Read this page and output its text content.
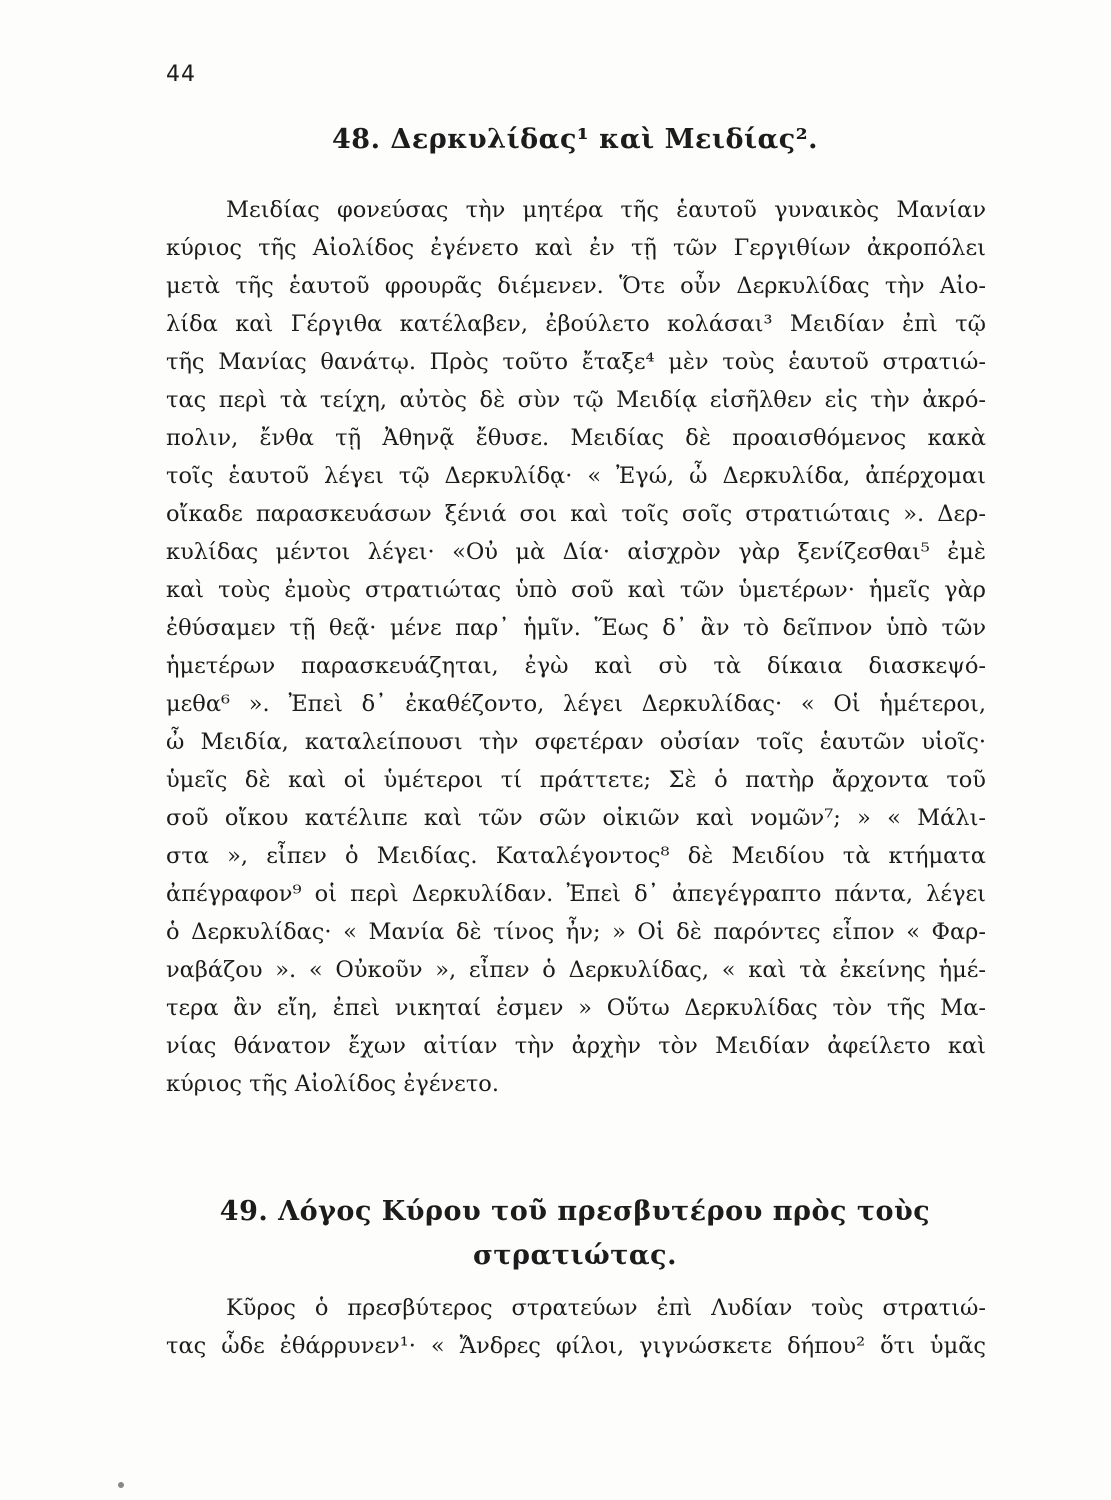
44
48. Δερκυλίδας¹ καὶ Μειδίας².
Μειδίας φονεύσας τὴν μητέρα τῆς ἑαυτοῦ γυναικὸς Μανίαν
κύριος τῆς Αἰολίδος ἐγένετο καὶ ἐν τῇ τῶν Γεργιθίων ἀκροπόλει
μετὰ τῆς ἑαυτοῦ φρουρᾶς διέμενεν. Ὅτε οὖν Δερκυλίδας τὴν Αἰο-
λίδα καὶ Γέργιθα κατέλαβεν, ἐβούλετο κολάσαι³ Μειδίαν ἐπὶ τῷ
τῆς Μανίας θανάτῳ. Πρὸς τοῦτο ἔταξε⁴ μὲν τοὺς ἑαυτοῦ στρατιώ-
τας περὶ τὰ τείχη, αὐτὸς δὲ σὺν τῷ Μειδίᾳ εἰσῆλθεν εἰς τὴν ἀκρό-
πολιν, ἔνθα τῇ Ἀθηνᾷ ἔθυσε. Μειδίας δὲ προαισθόμενος κακὰ
τοῖς ἑαυτοῦ λέγει τῷ Δερκυλίδᾳ· « Ἐγώ, ὦ Δερκυλίδα, ἀπέρχομαι
οἴκαδε παρασκευάσων ξένιά σοι καὶ τοῖς σοῖς στρατιώταις ». Δερ-
κυλίδας μέντοι λέγει· «Οὐ μὰ Δία· αἰσχρὸν γὰρ ξενίζεσθαι⁵ ἐμὲ
καὶ τοὺς ἐμοὺς στρατιώτας ὑπὸ σοῦ καὶ τῶν ὑμετέρων· ἡμεῖς γὰρ
ἐθύσαμεν τῇ θεᾷ· μένε παρ᾽ ἡμῖν. Ἕως δ᾽ ἂν τὸ δεῖπνον ὑπὸ τῶν
ἡμετέρων παρασκευάζηται, ἐγὼ καὶ σὺ τὰ δίκαια διασκεψό-
μεθα⁶ ». Ἐπεὶ δ᾽ ἐκαθέζοντο, λέγει Δερκυλίδας· « Οἱ ἡμέτεροι,
ὦ Μειδία, καταλείπουσι τὴν σφετέραν οὐσίαν τοῖς ἑαυτῶν υἱοῖς·
ὑμεῖς δὲ καὶ οἱ ὑμέτεροι τί πράττετε; Σὲ ὁ πατὴρ ἄρχοντα τοῦ
σοῦ οἴκου κατέλιπε καὶ τῶν σῶν οἰκιῶν καὶ νομῶν⁷; » « Μάλι-
στα », εἶπεν ὁ Μειδίας. Καταλέγοντος⁸ δὲ Μειδίου τὰ κτήματα
ἀπέγραφον⁹ οἱ περὶ Δερκυλίδαν. Ἐπεὶ δ᾽ ἀπεγέγραπτο πάντα, λέγει
ὁ Δερκυλίδας· « Μανία δὲ τίνος ἦν; » Οἱ δὲ παρόντες εἶπον « Φαρ-
ναβάζου ». « Οὐκοῦν », εἶπεν ὁ Δερκυλίδας, « καὶ τὰ ἐκείνης ἡμέ-
τερα ἂν εἴη, ἐπεὶ νικηταί ἐσμεν » Οὕτω Δερκυλίδας τὸν τῆς Μα-
νίας θάνατον ἔχων αἰτίαν τὴν ἀρχὴν τὸν Μειδίαν ἀφείλετο καὶ
κύριος τῆς Αἰολίδος ἐγένετο.
49. Λόγος Κύρου τοῦ πρεσβυτέρου πρὸς τοὺς
στρατιώτας.
Κῦρος ὁ πρεσβύτερος στρατεύων ἐπὶ Λυδίαν τοὺς στρατιώ-
τας ὧδε ἐθάρρυνεν¹· « Ἄνδρες φίλοι, γιγνώσκετε δήπου² ὅτι ὑμᾶς
